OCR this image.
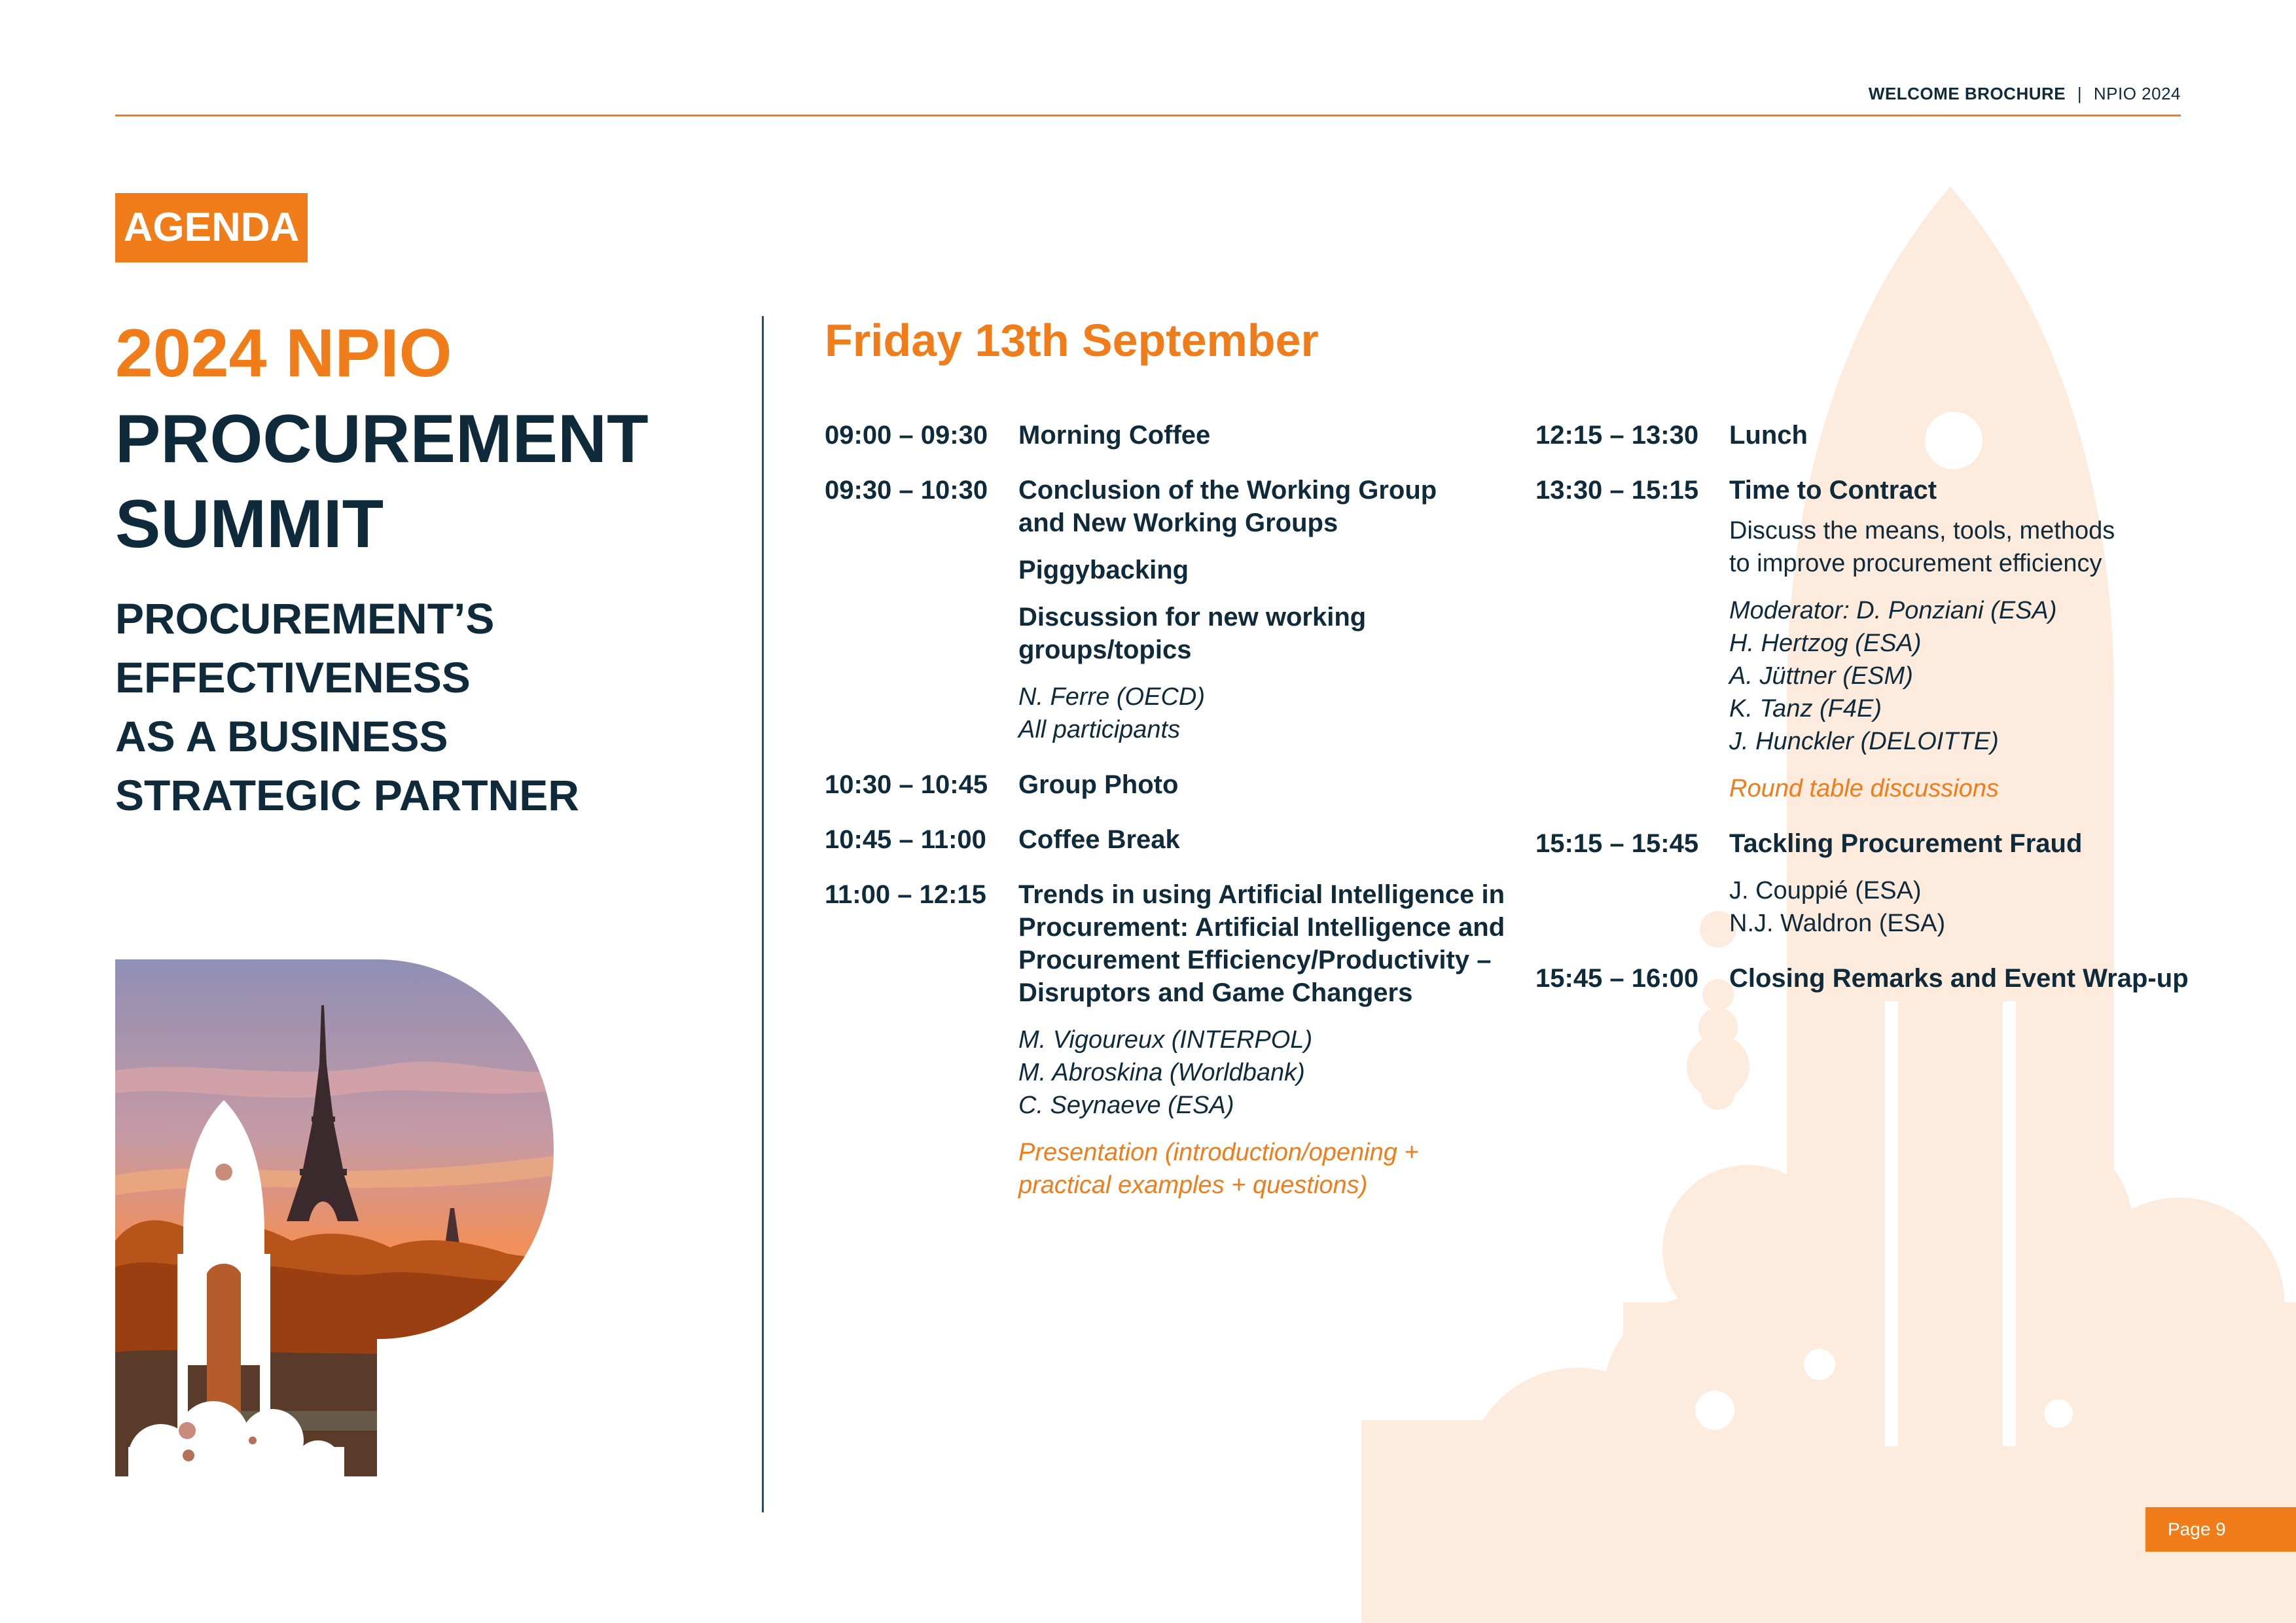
WELCOME BROCHURE | NPIO 2024
AGENDA
2024 NPIO
PROCUREMENT
SUMMIT
PROCUREMENT’S
EFFECTIVENESS
AS A BUSINESS
STRATEGIC PARTNER
Friday 13th September
09:00 – 09:30	Morning Coffee
09:30 – 10:30	Conclusion of the Working Group
and New Working Groups
Piggybacking
Discussion for new working
groups/topics
N. Ferre (OECD)
All participants
10:30 – 10:45	Group Photo
10:45 – 11:00	Coffee Break
11:00 – 12:15	Trends in using Artificial Intelligence in
Procurement: Artificial Intelligence and
Procurement Efficiency/Productivity –
Disruptors and Game Changers
M. Vigoureux (INTERPOL)
M. Abroskina (Worldbank)
C. Seynaeve (ESA)
Presentation (introduction/opening +
practical examples + questions)
12:15 – 13:30	Lunch
13:30 – 15:15	Time to Contract
Discuss the means, tools, methods
to improve procurement efficiency
Moderator: D. Ponziani (ESA)
H. Hertzog (ESA)
A. Jüttner (ESM)
K. Tanz (F4E)
J. Hunckler (DELOITTE)
Round table discussions
15:15 – 15:45	Tackling Procurement Fraud
J. Couppié (ESA)
N.J. Waldron (ESA)
15:45 – 16:00	Closing Remarks and Event Wrap-up
Page 9
